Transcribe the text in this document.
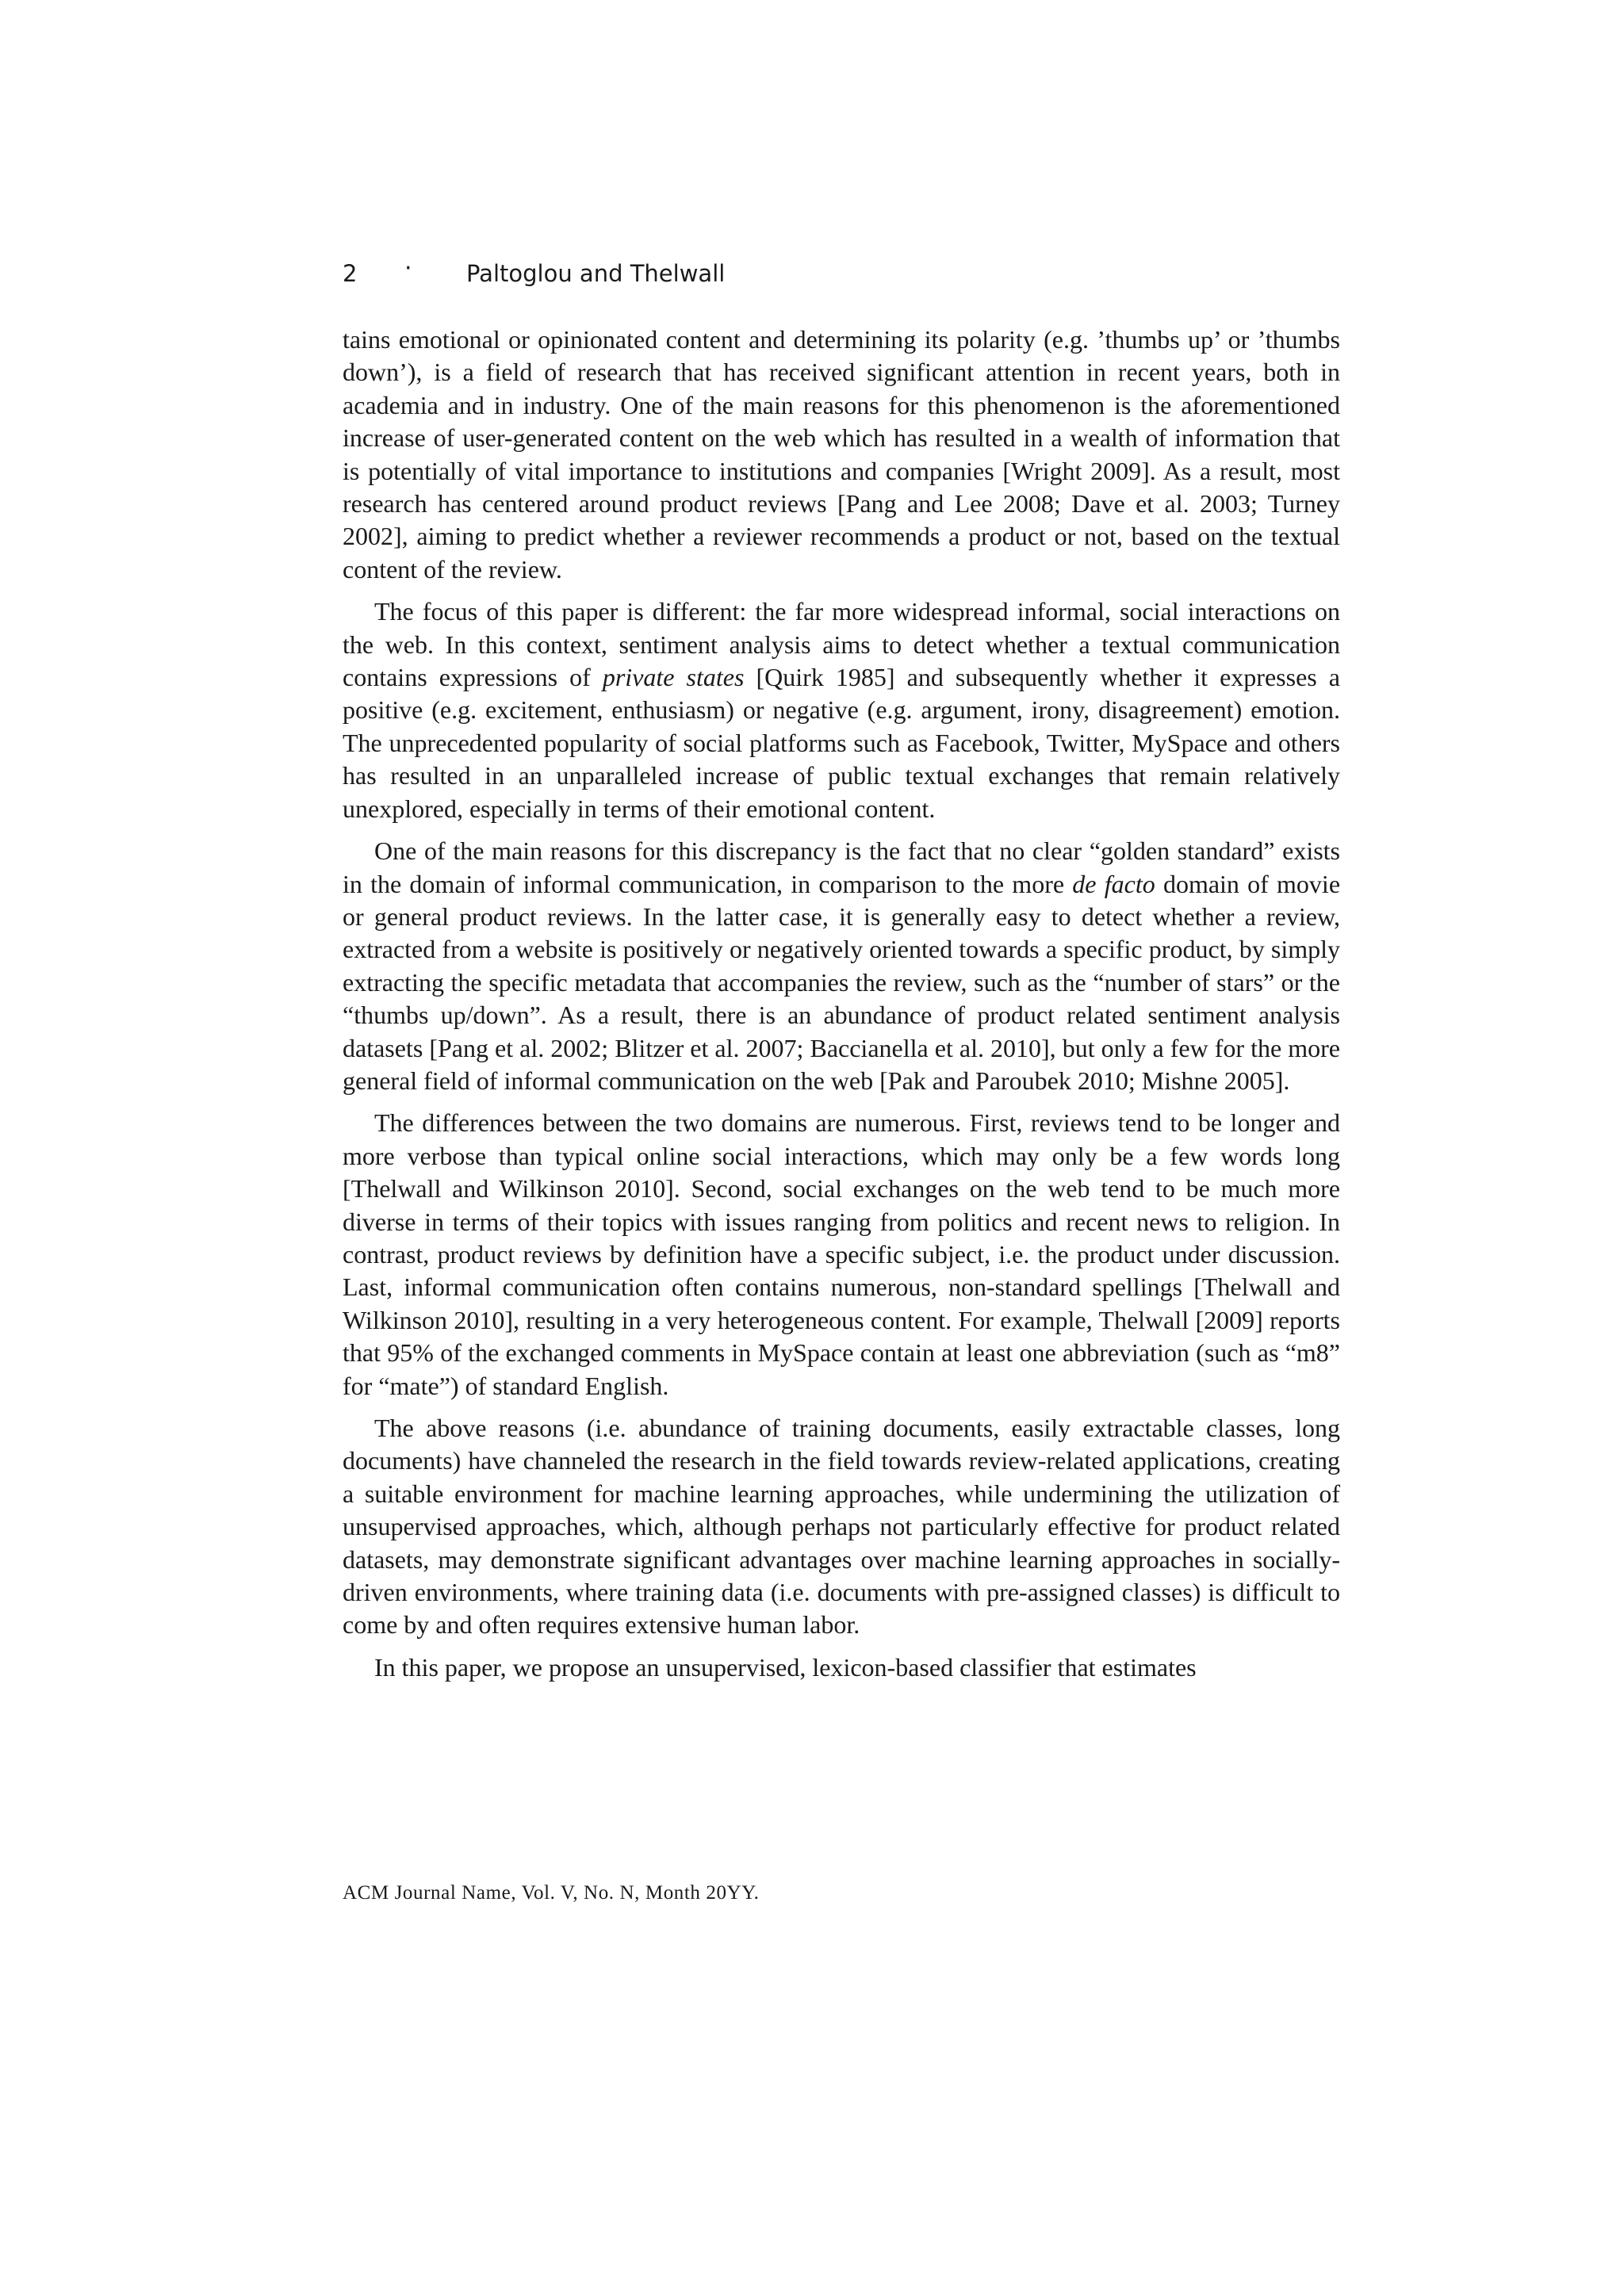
2 · Paltoglou and Thelwall

tains emotional or opinionated content and determining its polarity (e.g. ’thumbs up’ or ’thumbs down’), is a field of research that has received significant attention in recent years, both in academia and in industry. One of the main reasons for this phenomenon is the aforementioned increase of user-generated content on the web which has resulted in a wealth of information that is potentially of vital importance to institutions and companies [Wright 2009]. As a result, most research has centered around product reviews [Pang and Lee 2008; Dave et al. 2003; Turney 2002], aiming to predict whether a reviewer recommends a product or not, based on the textual content of the review.

The focus of this paper is different: the far more widespread informal, social interactions on the web. In this context, sentiment analysis aims to detect whether a textual communication contains expressions of private states [Quirk 1985] and subsequently whether it expresses a positive (e.g. excitement, enthusiasm) or negative (e.g. argument, irony, disagreement) emotion. The unprecedented popularity of social platforms such as Facebook, Twitter, MySpace and others has resulted in an unparalleled increase of public textual exchanges that remain relatively unexplored, especially in terms of their emotional content.

One of the main reasons for this discrepancy is the fact that no clear “golden standard” exists in the domain of informal communication, in comparison to the more de facto domain of movie or general product reviews. In the latter case, it is generally easy to detect whether a review, extracted from a website is positively or negatively oriented towards a specific product, by simply extracting the specific metadata that accompanies the review, such as the “number of stars” or the “thumbs up/down”. As a result, there is an abundance of product related sentiment analysis datasets [Pang et al. 2002; Blitzer et al. 2007; Baccianella et al. 2010], but only a few for the more general field of informal communication on the web [Pak and Paroubek 2010; Mishne 2005].

The differences between the two domains are numerous. First, reviews tend to be longer and more verbose than typical online social interactions, which may only be a few words long [Thelwall and Wilkinson 2010]. Second, social exchanges on the web tend to be much more diverse in terms of their topics with issues ranging from politics and recent news to religion. In contrast, product reviews by definition have a specific subject, i.e. the product under discussion. Last, informal communication often contains numerous, non-standard spellings [Thelwall and Wilkinson 2010], resulting in a very heterogeneous content. For example, Thelwall [2009] reports that 95% of the exchanged comments in MySpace contain at least one abbreviation (such as “m8” for “mate”) of standard English.

The above reasons (i.e. abundance of training documents, easily extractable classes, long documents) have channeled the research in the field towards review-related applications, creating a suitable environment for machine learning approaches, while undermining the utilization of unsupervised approaches, which, although perhaps not particularly effective for product related datasets, may demonstrate significant advantages over machine learning approaches in socially-driven environments, where training data (i.e. documents with pre-assigned classes) is difficult to come by and often requires extensive human labor.

In this paper, we propose an unsupervised, lexicon-based classifier that estimates

ACM Journal Name, Vol. V, No. N, Month 20YY.
